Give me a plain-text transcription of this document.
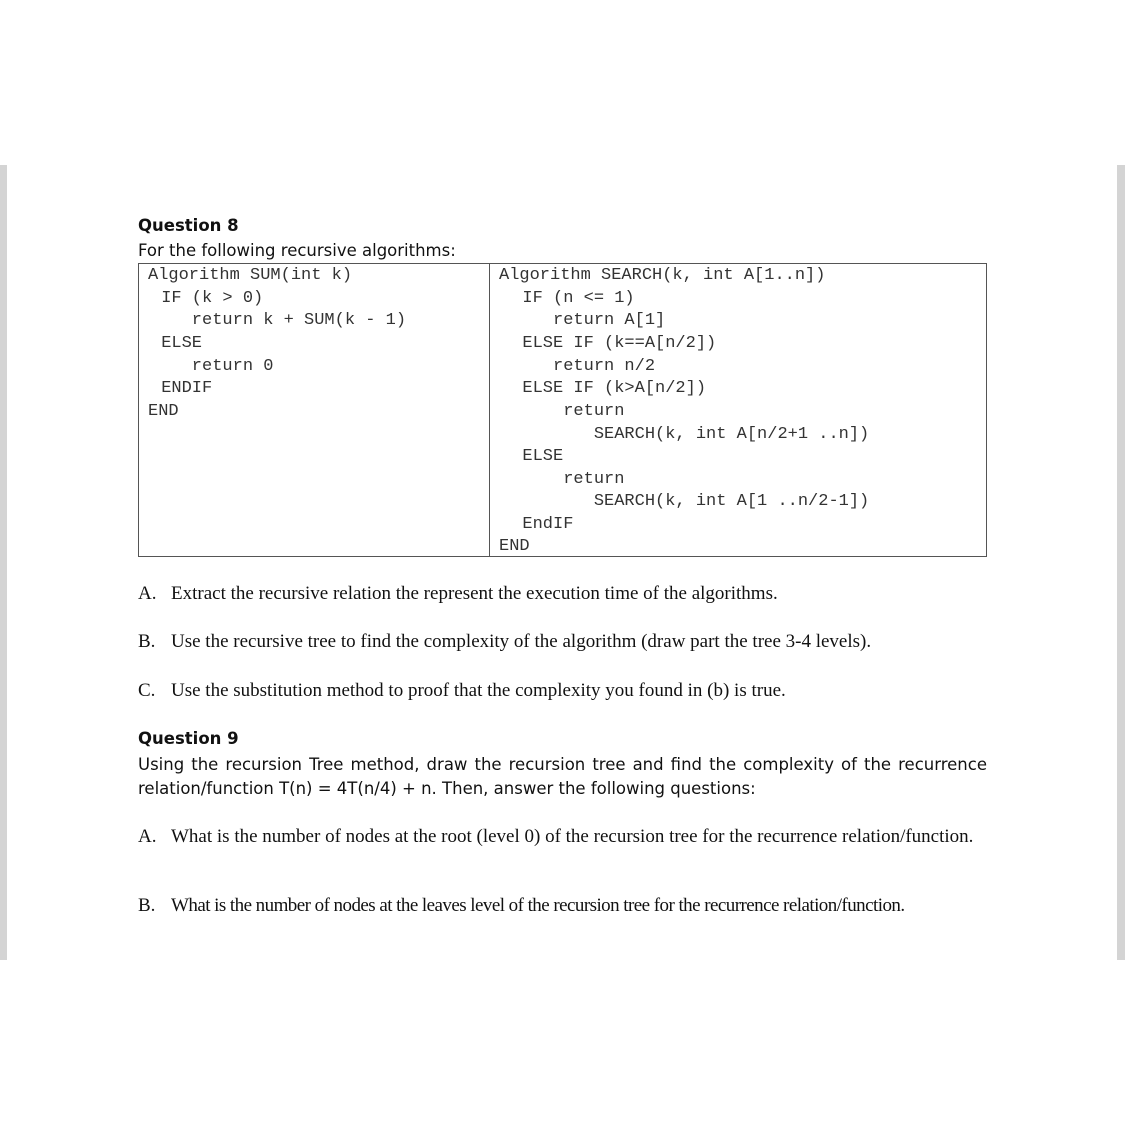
Question 8
For the following recursive algorithms:
Algorithm SUM(int k)
IF (k > 0)
return k + SUM(k - 1)
ELSE
return 0
ENDIF
END
Algorithm SEARCH(k, int A[1..n])
IF (n <= 1)
return A[1]
ELSE IF (k==A[n/2])
return n/2
ELSE IF (k>A[n/2])
return
SEARCH(k, int A[n/2+1 ..n])
ELSE
return
SEARCH(k, int A[1 ..n/2-1])
EndIF
END
A. Extract the recursive relation the represent the execution time of the algorithms.
B. Use the recursive tree to find the complexity of the algorithm (draw part the tree 3-4 levels).
C. Use the substitution method to proof that the complexity you found in (b) is true.
Question 9
Using the recursion Tree method, draw the recursion tree and find the complexity of the recurrence relation/function T(n) = 4T(n/4) + n. Then, answer the following questions:
A. What is the number of nodes at the root (level 0) of the recursion tree for the recurrence relation/function.
B. What is the number of nodes at the leaves level of the recursion tree for the recurrence relation/function.
